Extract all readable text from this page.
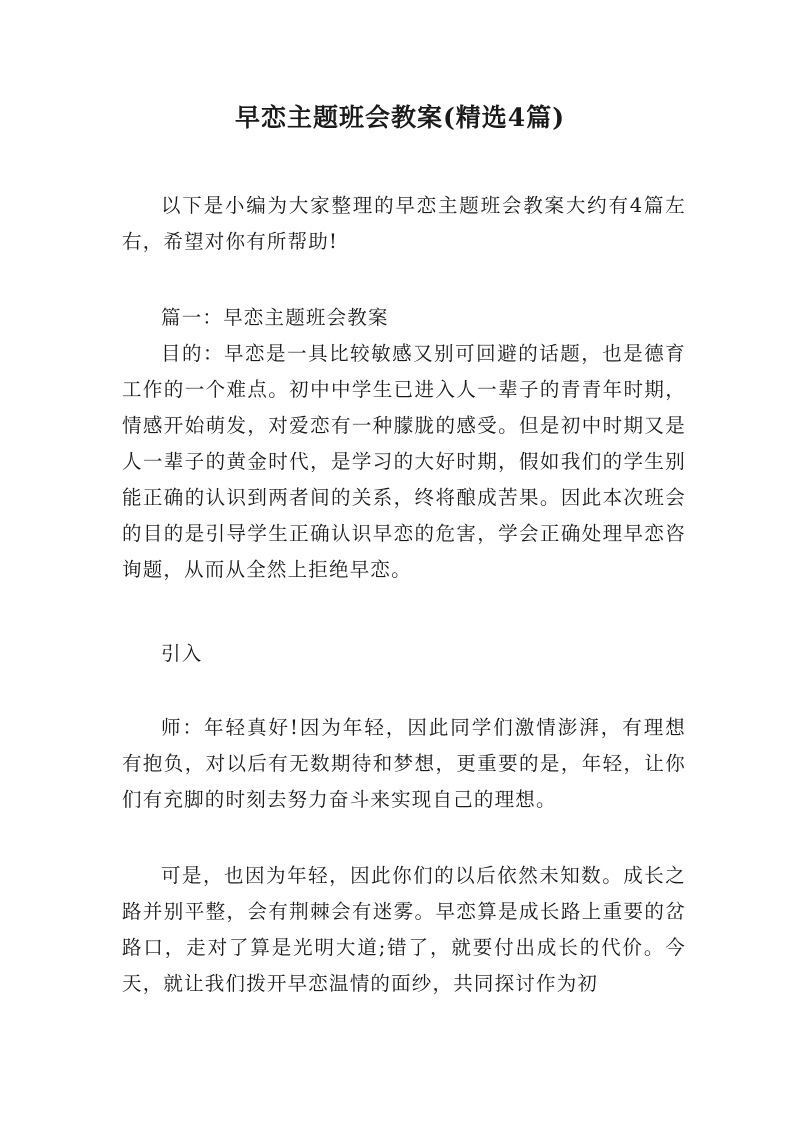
早恋主题班会教案(精选4篇)

以下是小编为大家整理的早恋主题班会教案大约有4篇左右，希望对你有所帮助!

篇一：早恋主题班会教案

目的：早恋是一具比较敏感又别可回避的话题，也是德育工作的一个难点。初中中学生已进入人一辈子的青青年时期，情感开始萌发，对爱恋有一种朦胧的感受。但是初中时期又是人一辈子的黄金时代，是学习的大好时期，假如我们的学生别能正确的认识到两者间的关系，终将酿成苦果。因此本次班会的目的是引导学生正确认识早恋的危害，学会正确处理早恋咨询题，从而从全然上拒绝早恋。

引入

师：年轻真好!因为年轻，因此同学们激情澎湃，有理想有抱负，对以后有无数期待和梦想，更重要的是，年轻，让你们有充脚的时刻去努力奋斗来实现自己的理想。

可是，也因为年轻，因此你们的以后依然未知数。成长之路并别平整，会有荆棘会有迷雾。早恋算是成长路上重要的岔路口，走对了算是光明大道;错了，就要付出成长的代价。今天，就让我们拨开早恋温情的面纱，共同探讨作为初
